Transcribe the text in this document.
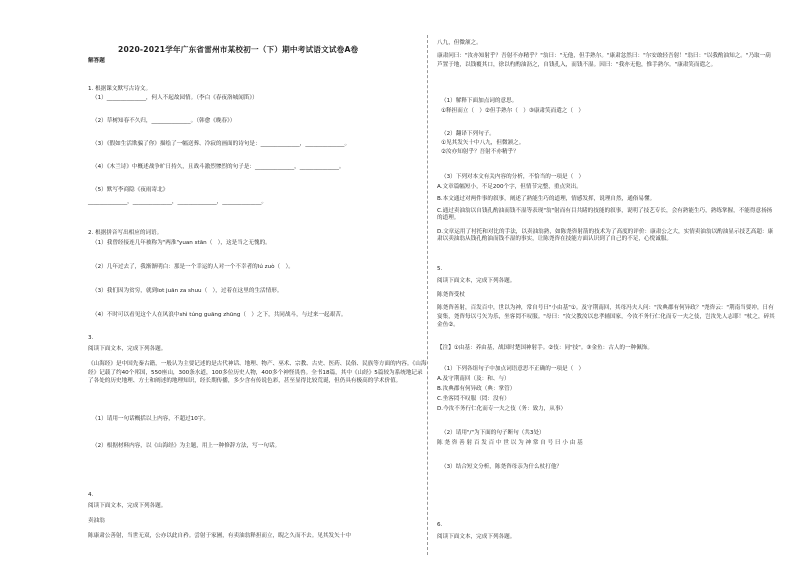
2020-2021学年广东省雷州市某校初一（下）期中考试语文试卷A卷
解答题
1. 根据课文默写古诗文。
（1）______________，何人不起故园情。（李白《春夜洛城闻笛》）
（2）草树知春不久归，______________。（韩愈《晚春》）
（3）《假如生活欺骗了你》描绘了一幅送葬、冷寂的画面的诗句是：______________，______________。
（4）《木兰诗》中概述战争旷日持久，且战斗激烈惨烈的句子是：______________，______________。
（5）默写李商隐《夜雨寄北》
______________，______________，______________，______________。
2. 根据拼音写出相应的词语。
（1）我曾经接连几年被称为"两淮"yuan stān（   ），这是当之无愧的。
（2）几年过去了，我渐渐明白：那是一个幸运的人对一个不幸者的lú zuò（   ）。
（3）我们因为贫穷，就到lot juān za shuu（   ），过着在这里的生活情形。
（4）不时可以看见这个人在风浪中shì túng guāng zhūng（   ）之下，共同战斗，与过来一起艰苦。
3.
阅读下面文本，完成下列各题。
《山海经》是中国先秦古籍，一般认为主要记述的是古代神话、地理、物产、巫术、宗教、古史、医药、民俗、民族等方面的内容。《山海经》记载了约40个邦国，550座山，300条水道，100多位历史人物，400多个神怪畏兽。全书18篇，其中《山经》5篇较为系统地记录了各处的历史地理、方士和阐述的地理知识，经长期传播，多少含有传说色彩，甚至显得比较荒诞，但仍具有极高的学术价值。
（1）请用一句话概括以上内容，不超过10字。
（2）根据材料内容，以《山海经》为主题，用上一种修辞方法，写一句话。
4.
阅读下面文本，完成下列各题。
卖油翁
陈康肃公善射，当世无双，公亦以此自矜。尝射于家圃，有卖油翁释担而立，睨之久而不去。见其发矢十中
八九，但微颔之。
康肃问曰："汝亦知射乎？吾射不亦精乎？"翁曰："无他，但手熟尔。"康肃忿然曰："尔安敢轻吾射！"翁曰："以我酌油知之。"乃取一葫芦置于地，以钱覆其口，徐以杓酌油沥之，自钱孔入，而钱不湿。因曰："我亦无他，惟手熟尔。"康肃笑而遣之。
（1）解释下面加点词的意思。
①释担而立（   ）②但手熟尔（   ）③康肃笑而遣之（   ）
（2）翻译下列句子。
①见其发矢十中八九，但微颔之。
②汝亦知射乎？吾射不亦精乎？
（3）下列对本文有关内容的分析，不恰当的一项是（   ）
A.文章篇幅短小，不足200个字，但情节完整，重点突出。
B.本文通过对两件事的叙事，阐述了熟能生巧的道理，情感发挥，说理自然，通俗易懂。
C.通过卖油翁以自钱孔酌油而钱不湿等表现"翁"射而有目共睹的技能的叙事，说明了技艺专长，会有熟能生巧，熟练掌握，不能得意扬扬的道理。
D.文章运用了衬托和对比的手法，以卖油翁熟，如陈尧咨射箭的技术为了高度的评价：康肃公之大，实情卖油翁以酌油显示技艺高超：康肃以卖油翁从钱孔酌油而钱不湿的事实，让陈尧咨在技能方面认识到了自己的不足，心悦诚服。
5.
阅读下面文本，完成下列各题。
陈尧咨受杖
陈尧咨善射，百发百中，世以为神，常自号曰"小由基"①。及守荆南回，其母冯夫人问："汝典郡有何异政？"尧咨云："荆南当要冲，日有宴集，尧咨每以弓矢为乐，坐客罔不叹服。"母曰："汝父教汝以忠孝辅国家，今汝不务行仁化而专一夫之伎，岂汝先人志耶！"杖之，碎其金鱼②。
【注】①由基：养由基，战国时楚国神射手。②伎：同"技"。③金鱼：古人的一种佩饰。
（1）下列各组句子中加点词语意思不正确的一项是（   ）
A.及守荆南回（及：和、与）
B.汝典郡有何异政（典：掌管）
C.坐客罔不叹服（罔：没有）
D.今汝不务行仁化而专一夫之伎（务：致力，从事）
（2）请用"/"为下面的句子断句（共3处）
陈 尧 咨 善 射 百 发 百 中 世 以 为 神 常 自 号 曰 小 由 基
（3）结合短文分析，陈尧咨母亲为什么杖打他？
6.
阅读下面文本，完成下列各题。
